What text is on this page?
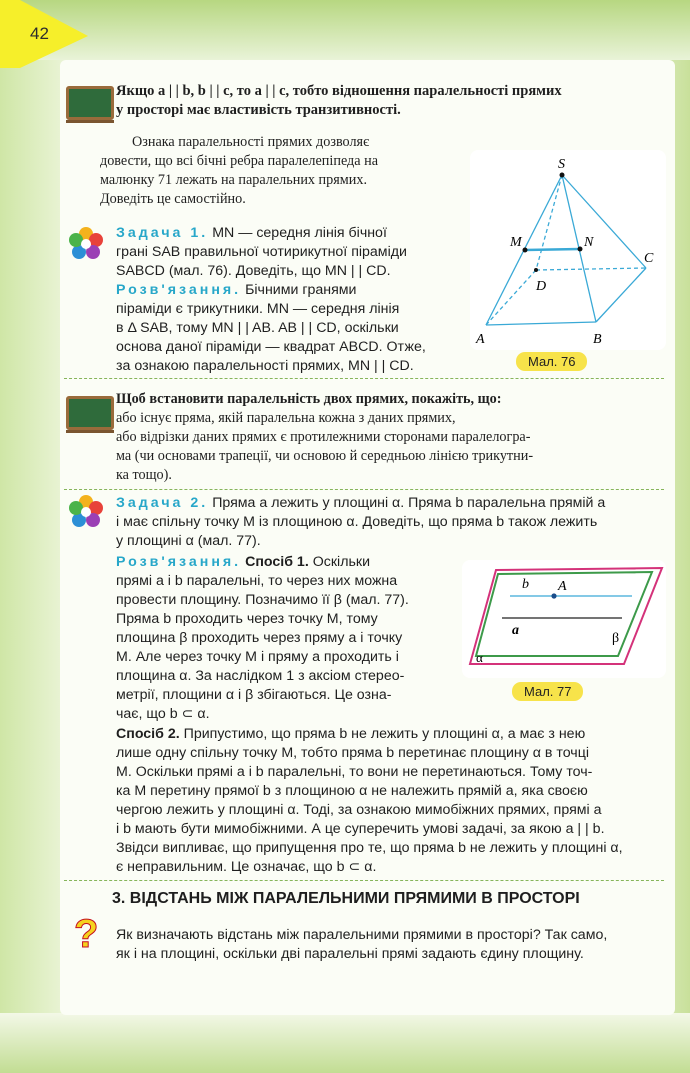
42
Якщо a | | b, b | | c, то a | | c, тобто відношення паралельності прямих
у просторі має властивість транзитивності.
Ознака паралельності прямих дозволяє
довести, що всі бічні ребра паралелепіпеда на
малюнку 71 лежать на паралельних прямих.
Доведіть це самостійно.
Задача 1. MN — середня лінія бічної
грані SAB правильної чотирикутної піраміди
SABCD (мал. 76). Доведіть, що MN | | CD.
Розв'язання. Бічними гранями
піраміди є трикутники. MN — середня лінія
в Δ SAB, тому MN | | AB. AB | | CD, оскільки
основа даної піраміди — квадрат ABCD. Отже,
за ознакою паралельності прямих, MN | | CD.
S
M	N
C
D
A	B
Мал. 76
Щоб встановити паралельність двох прямих, покажіть, що:
або існує пряма, якій паралельна кожна з даних прямих,
або відрізки даних прямих є протилежними сторонами паралелогра-
ма (чи основами трапеції, чи основою й середньою лінією трикутни-
ка тощо).
Задача 2. Пряма a лежить у площині α. Пряма b паралельна прямій a
і має спільну точку M із площиною α. Доведіть, що пряма b також лежить
у площині α (мал. 77).
Розв'язання. Спосіб 1. Оскільки
прямі a і b паралельні, то через них можна
провести площину. Позначимо її β (мал. 77).
Пряма b проходить через точку M, тому
площина β проходить через пряму a і точку
M. Але через точку M і пряму a проходить і
площина α. За наслідком 1 з аксіом стерео-
метрії, площини α і β збігаються. Це озна-
чає, що b ⊂ α.
b A
a
β
α
Мал. 77
Спосіб 2. Припустимо, що пряма b не лежить у площині α, а має з нею
лише одну спільну точку M, тобто пряма b перетинає площину α в точці
M. Оскільки прямі a і b паралельні, то вони не перетинаються. Тому точ-
ка M перетину прямої b з площиною α не належить прямій a, яка своєю
чергою лежить у площині α. Тоді, за ознакою мимобіжних прямих, прямі a
і b мають бути мимобіжними. А це суперечить умові задачі, за якою a | | b.
Звідси випливає, що припущення про те, що пряма b не лежить у площині α,
є неправильним. Це означає, що b ⊂ α.
3. ВІДСТАНЬ МІЖ ПАРАЛЕЛЬНИМИ ПРЯМИМИ В ПРОСТОРІ
? Як визначають відстань між паралельними прямими в просторі? Так само,
як і на площині, оскільки дві паралельні прямі задають єдину площину.
